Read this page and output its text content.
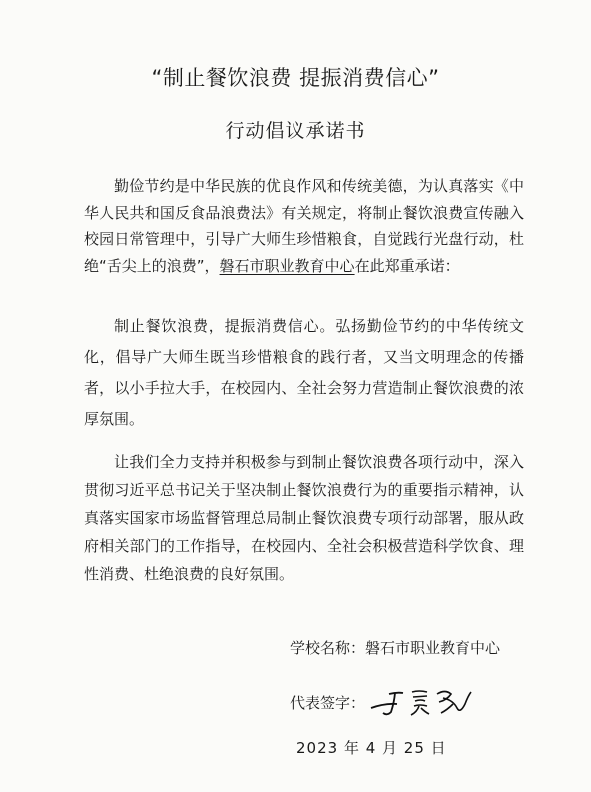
“制止餐饮浪费 提振消费信心”
行动倡议承诺书

勤俭节约是中华民族的优良作风和传统美德，为认真落实《中华人民共和国反食品浪费法》有关规定，将制止餐饮浪费宣传融入校园日常管理中，引导广大师生珍惜粮食，自觉践行光盘行动，杜绝“舌尖上的浪费”，磐石市职业教育中心在此郑重承诺：

制止餐饮浪费，提振消费信心。弘扬勤俭节约的中华传统文化，倡导广大师生既当珍惜粮食的践行者，又当文明理念的传播者，以小手拉大手，在校园内、全社会努力营造制止餐饮浪费的浓厚氛围。

让我们全力支持并积极参与到制止餐饮浪费各项行动中，深入贯彻习近平总书记关于坚决制止餐饮浪费行为的重要指示精神，认真落实国家市场监督管理总局制止餐饮浪费专项行动部署，服从政府相关部门的工作指导，在校园内、全社会积极营造科学饮食、理性消费、杜绝浪费的良好氛围。

学校名称：磐石市职业教育中心
代表签字：
2023 年 4 月 25 日
